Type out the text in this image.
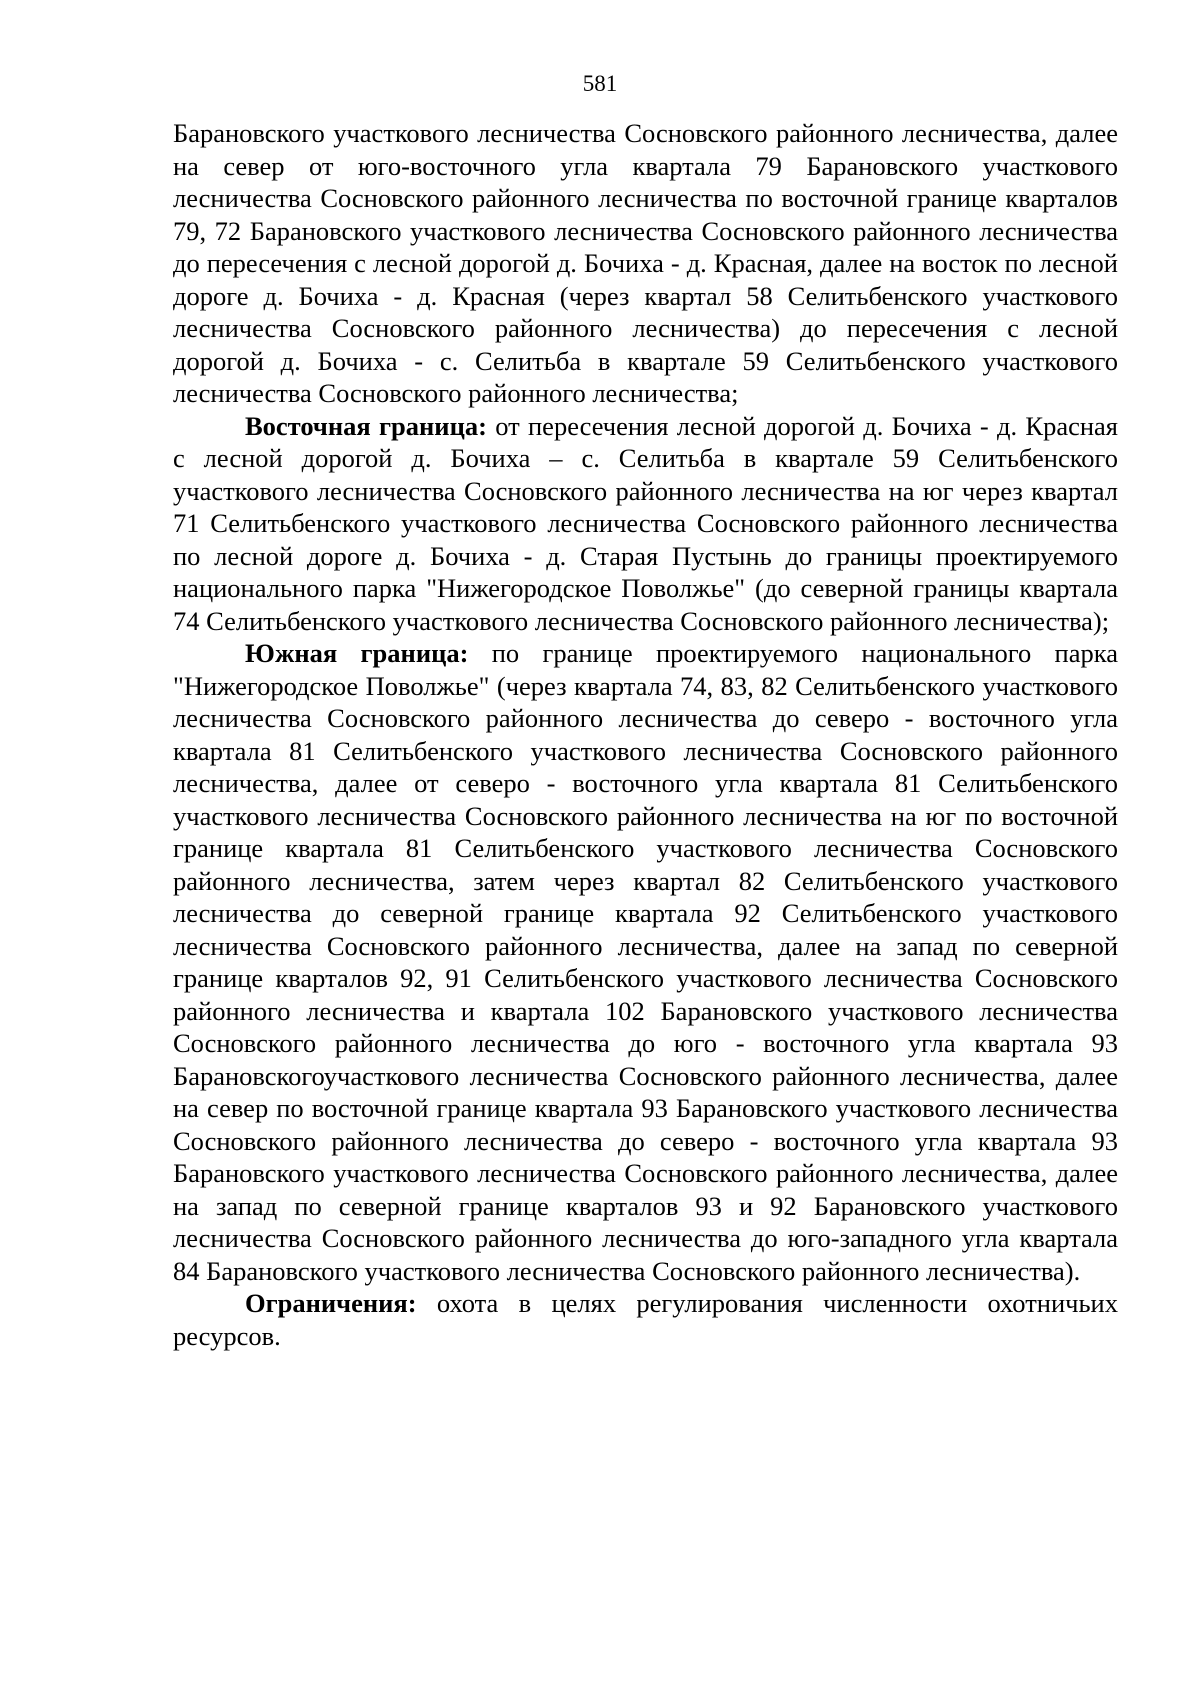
581

Барановского участкового лесничества Сосновского районного лесничества, далее на север от юго-восточного угла квартала 79 Барановского участкового лесничества Сосновского районного лесничества по восточной границе кварталов 79, 72 Барановского участкового лесничества Сосновского районного лесничества до пересечения с лесной дорогой д. Бочиха - д. Красная, далее на восток по лесной дороге д. Бочиха - д. Красная (через квартал 58 Селитьбенского участкового лесничества Сосновского районного лесничества) до пересечения с лесной дорогой д. Бочиха - с. Селитьба в квартале 59 Селитьбенского участкового лесничества Сосновского районного лесничества;

Восточная граница: от пересечения лесной дорогой д. Бочиха - д. Красная с лесной дорогой д. Бочиха – с. Селитьба в квартале 59 Селитьбенского участкового лесничества Сосновского районного лесничества на юг через квартал 71 Селитьбенского участкового лесничества Сосновского районного лесничества по лесной дороге д. Бочиха - д. Старая Пустынь до границы проектируемого национального парка "Нижегородское Поволжье" (до северной границы квартала 74 Селитьбенского участкового лесничества Сосновского районного лесничества);

Южная граница: по границе проектируемого национального парка "Нижегородское Поволжье" (через квартала 74, 83, 82 Селитьбенского участкового лесничества Сосновского районного лесничества до северо - восточного угла квартала 81 Селитьбенского участкового лесничества Сосновского районного лесничества, далее от северо - восточного угла квартала 81 Селитьбенского участкового лесничества Сосновского районного лесничества на юг по восточной границе квартала 81 Селитьбенского участкового лесничества Сосновского районного лесничества, затем через квартал 82 Селитьбенского участкового лесничества до северной границе квартала 92 Селитьбенского участкового лесничества Сосновского районного лесничества, далее на запад по северной границе кварталов 92, 91 Селитьбенского участкового лесничества Сосновского районного лесничества и квартала 102 Барановского участкового лесничества Сосновского районного лесничества до юго - восточного угла квартала 93 Барановскогоучасткового лесничества Сосновского районного лесничества, далее на север по восточной границе квартала 93 Барановского участкового лесничества Сосновского районного лесничества до северо - восточного угла квартала 93 Барановского участкового лесничества Сосновского районного лесничества, далее на запад по северной границе кварталов 93 и 92 Барановского участкового лесничества Сосновского районного лесничества до юго-западного угла квартала 84 Барановского участкового лесничества Сосновского районного лесничества).

Ограничения: охота в целях регулирования численности охотничьих ресурсов.
